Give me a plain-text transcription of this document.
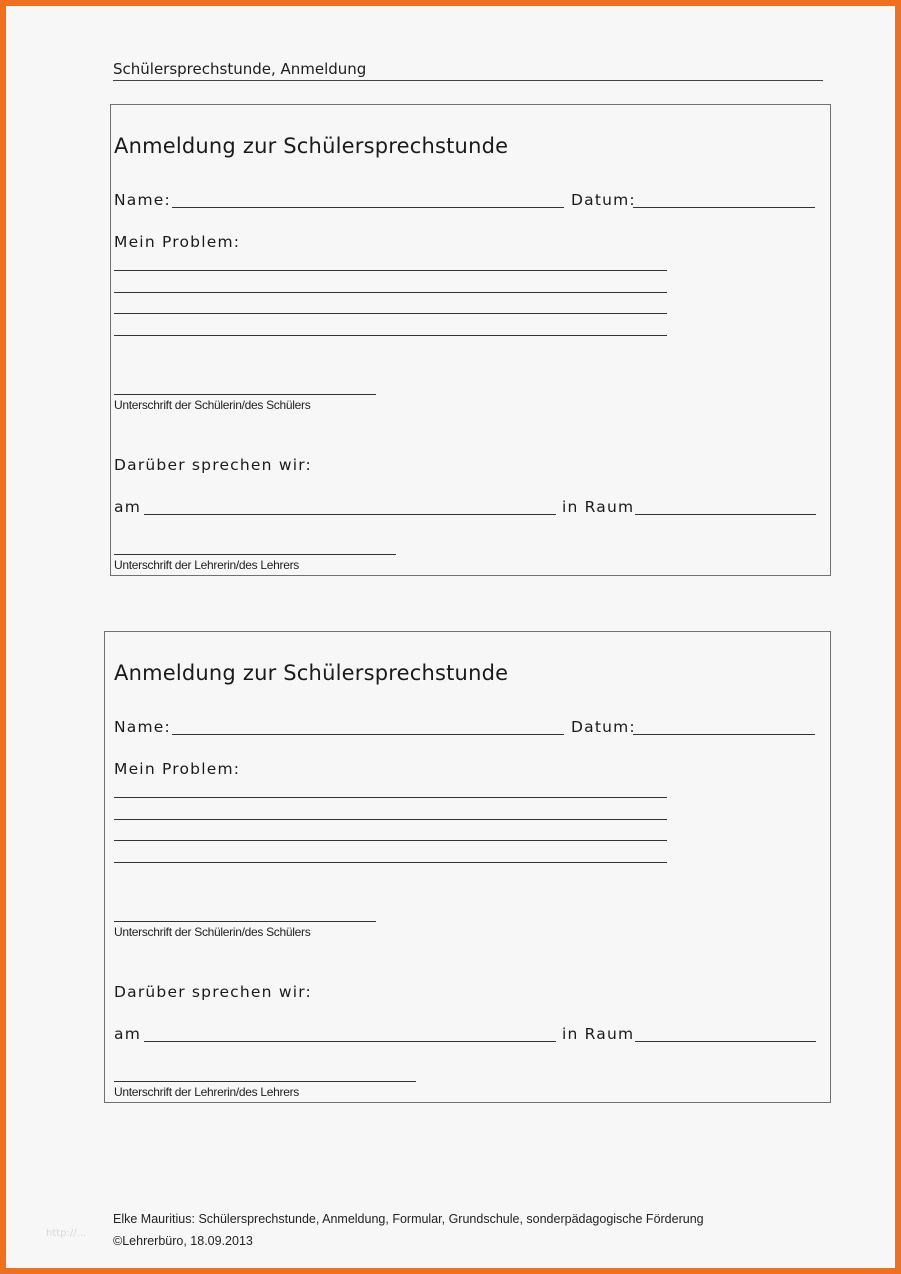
Schülersprechstunde, Anmeldung
Anmeldung zur Schülersprechstunde
Name:	Datum:
Mein Problem:
Unterschrift der Schülerin/des Schülers
Darüber sprechen wir:
am	in Raum
Unterschrift der Lehrerin/des Lehrers
Anmeldung zur Schülersprechstunde
Name:	Datum:
Mein Problem:
Unterschrift der Schülerin/des Schülers
Darüber sprechen wir:
am	in Raum
Unterschrift der Lehrerin/des Lehrers
http://...
Elke Mauritius: Schülersprechstunde, Anmeldung, Formular, Grundschule, sonderpädagogische Förderung
©Lehrerbüro, 18.09.2013
